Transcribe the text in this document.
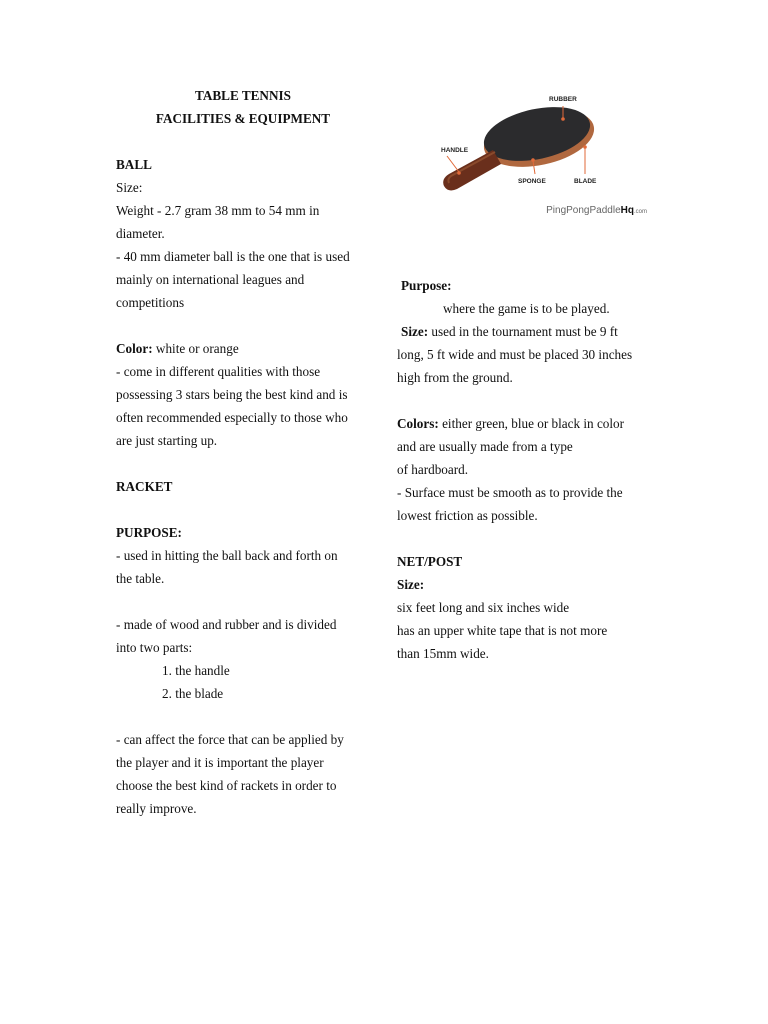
TABLE TENNIS

FACILITIES & EQUIPMENT

BALL

Size:

Weight - 2.7 gram 38 mm to 54 mm in

diameter.

- 40 mm diameter ball is the one that is used

mainly on international leagues and

competitions

Color: white or orange

- come in different qualities with those

possessing 3 stars being the best kind and is

often recommended especially to those who

are just starting up.

RACKET

PURPOSE:

- used in hitting the ball back and forth on

the table.

- made of wood and rubber and is divided

into two parts:

1. the handle

2. the blade

- can affect the force that can be applied by

the player and it is important the player

choose the best kind of rackets in order to

really improve.

RUBBER
HANDLE
SPONGE	BLADE
PingPongPaddleHq.com

Purpose:

where the game is to be played.

Size: used in the tournament must be 9 ft

long, 5 ft wide and must be placed 30 inches

high from the ground.

Colors: either green, blue or black in color

and are usually made from a type

of hardboard.

- Surface must be smooth as to provide the

lowest friction as possible.

NET/POST

Size:

six feet long and six inches wide

has an upper white tape that is not more

than 15mm wide.
